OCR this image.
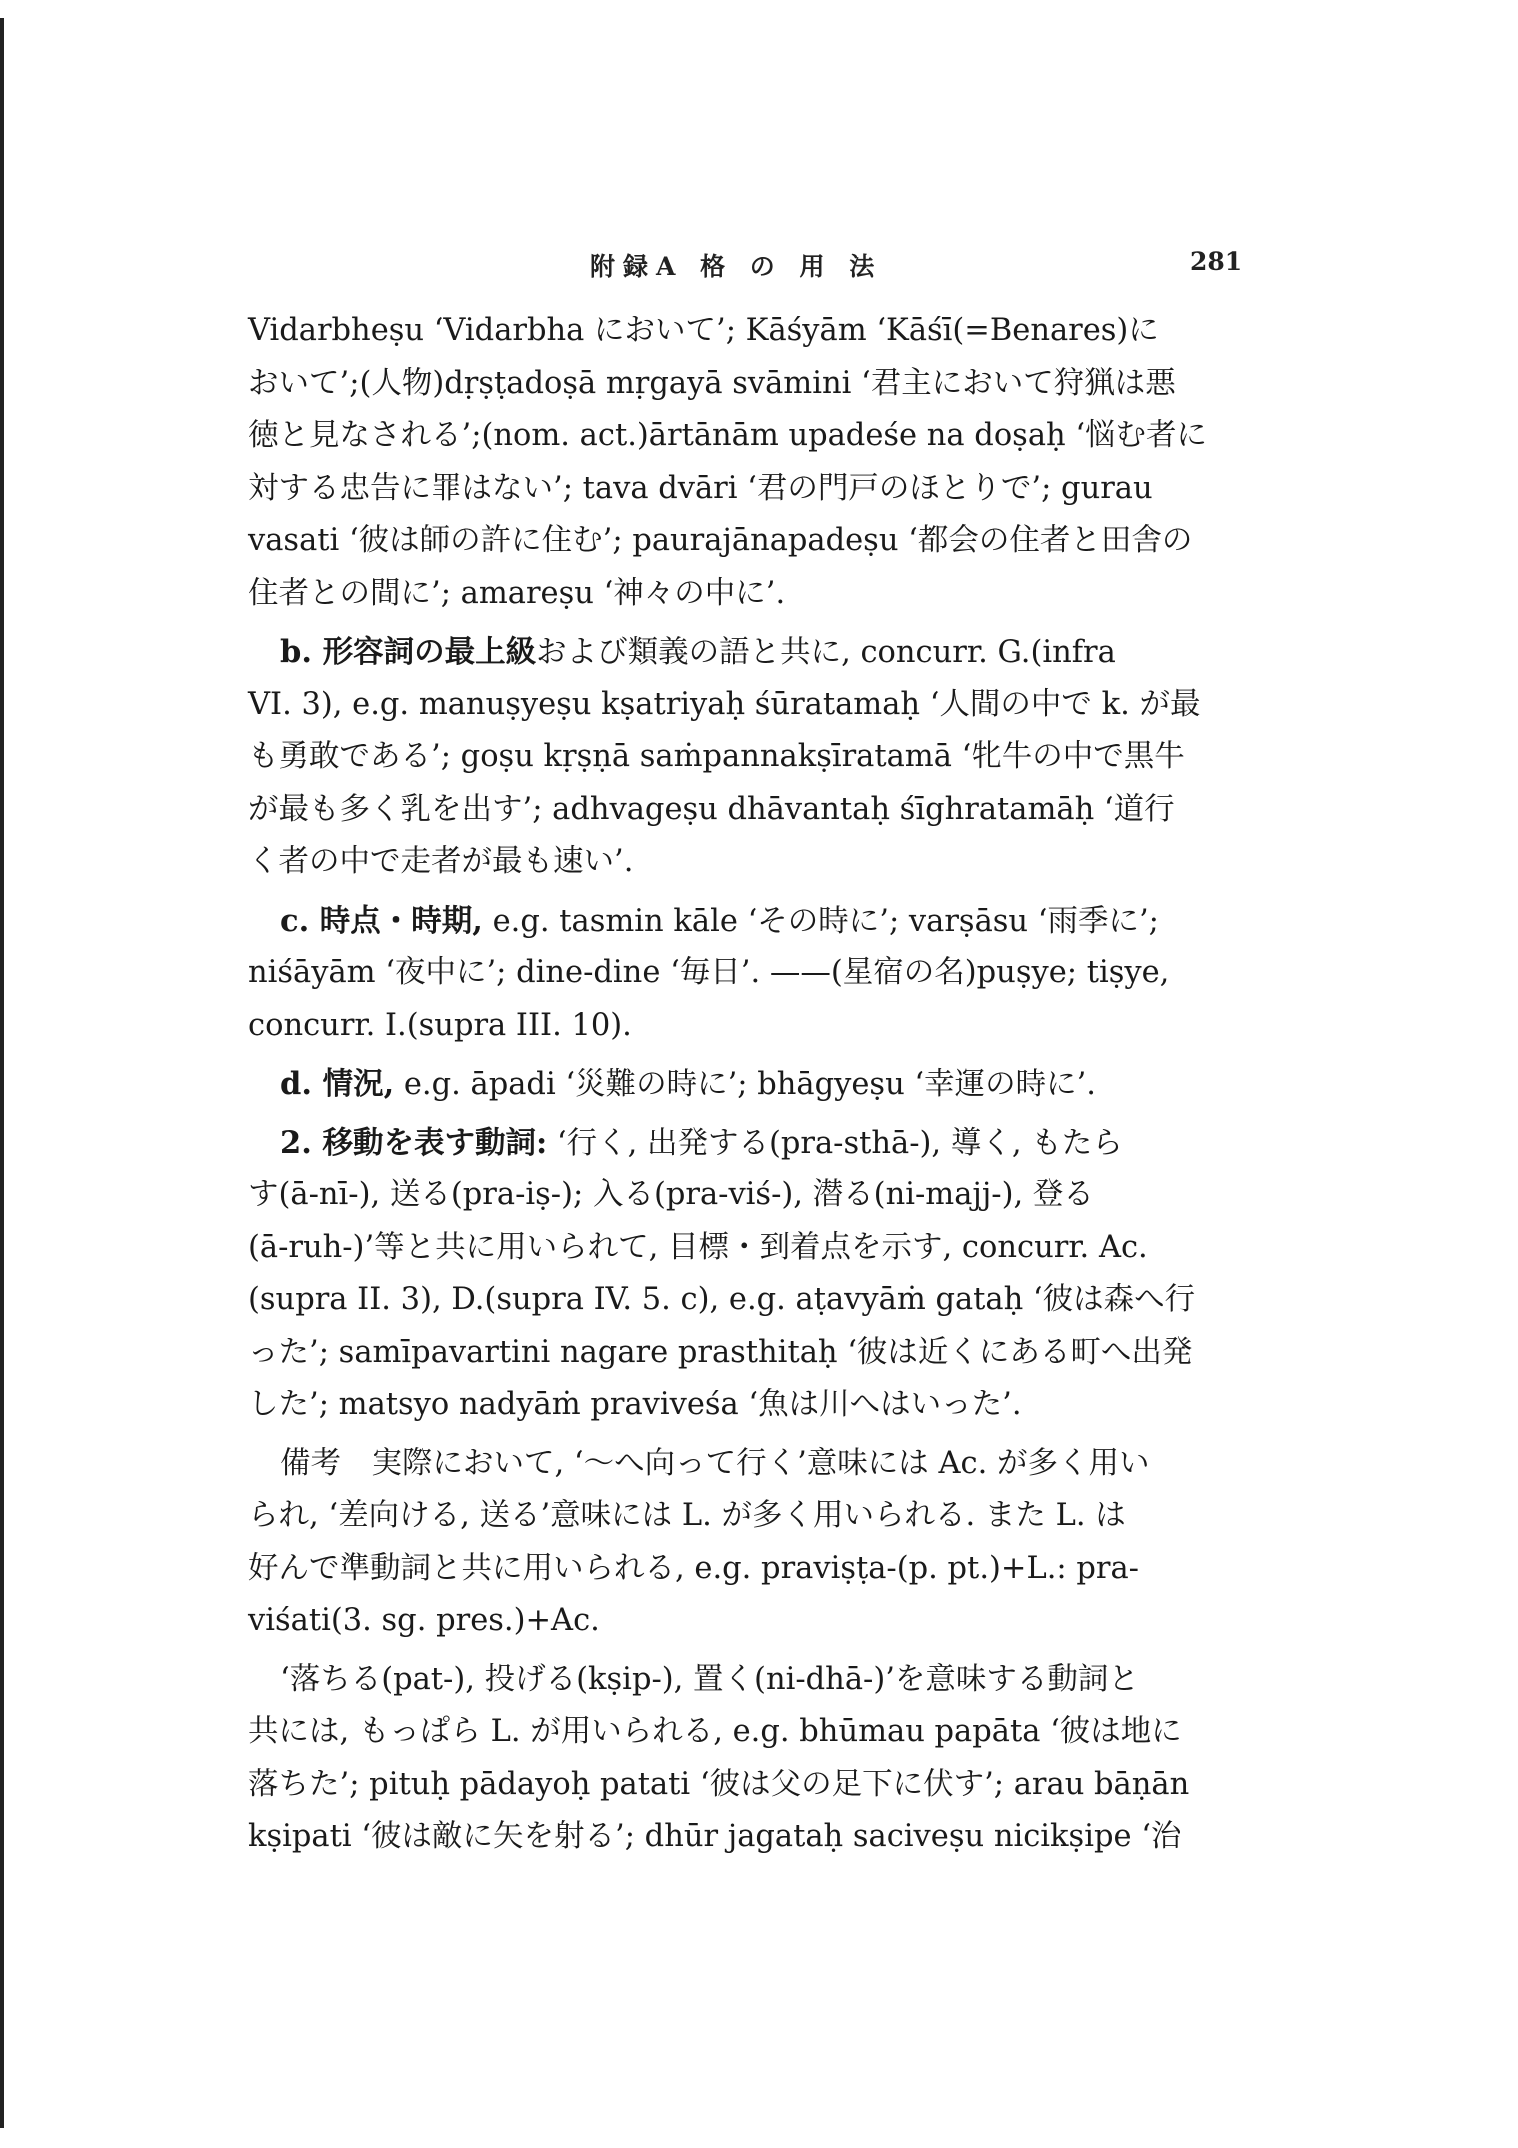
附録A 格 の 用 法	281
Vidarbheṣu ‘Vidarbha において’; Kāśyām ‘Kāśī(=Benares)に
おいて’;(人物)dṛṣṭadoṣā mṛgayā svāmini ‘君主において狩猟は悪
徳と見なされる’;(nom. act.)ārtānām upadeśe na doṣaḥ ‘悩む者に
対する忠告に罪はない’; tava dvāri ‘君の門戸のほとりで’; gurau
vasati ‘彼は師の許に住む’; paurajānapadeṣu ‘都会の住者と田舎の
住者との間に’; amareṣu ‘神々の中に’.
b. 形容詞の最上級および類義の語と共に, concurr. G.(infra
VI. 3), e.g. manuṣyeṣu kṣatriyaḥ śūratamaḥ ‘人間の中で k. が最
も勇敢である’; goṣu kṛṣṇā saṁpannakṣīratamā ‘牝牛の中で黒牛
が最も多く乳を出す’; adhvageṣu dhāvantaḥ śīghratamāḥ ‘道行
く者の中で走者が最も速い’.
c. 時点・時期, e.g. tasmin kāle ‘その時に’; varṣāsu ‘雨季に’;
niśāyām ‘夜中に’; dine-dine ‘毎日’. ——(星宿の名)puṣye; tiṣye,
concurr. I.(supra III. 10).
d. 情況, e.g. āpadi ‘災難の時に’; bhāgyeṣu ‘幸運の時に’.
2. 移動を表す動詞: ‘行く, 出発する(pra-sthā-), 導く, もたら
す(ā-nī-), 送る(pra-iṣ-); 入る(pra-viś-), 潜る(ni-majj-), 登る
(ā-ruh-)’等と共に用いられて, 目標・到着点を示す, concurr. Ac.
(supra II. 3), D.(supra IV. 5. c), e.g. aṭavyāṁ gataḥ ‘彼は森へ行
った’; samīpavartini nagare prasthitaḥ ‘彼は近くにある町へ出発
した’; matsyo nadyāṁ praviveśa ‘魚は川へはいった’.
備考　実際において, ‘〜へ向って行く’意味には Ac. が多く用い
られ, ‘差向ける, 送る’意味には L. が多く用いられる. また L. は
好んで準動詞と共に用いられる, e.g. praviṣṭa-(p. pt.)+L.: pra-
viśati(3. sg. pres.)+Ac.
‘落ちる(pat-), 投げる(kṣip-), 置く(ni-dhā-)’を意味する動詞と
共には, もっぱら L. が用いられる, e.g. bhūmau papāta ‘彼は地に
落ちた’; pituḥ pādayoḥ patati ‘彼は父の足下に伏す’; arau bāṇān
kṣipati ‘彼は敵に矢を射る’; dhūr jagataḥ saciveṣu nicikṣipe ‘治
